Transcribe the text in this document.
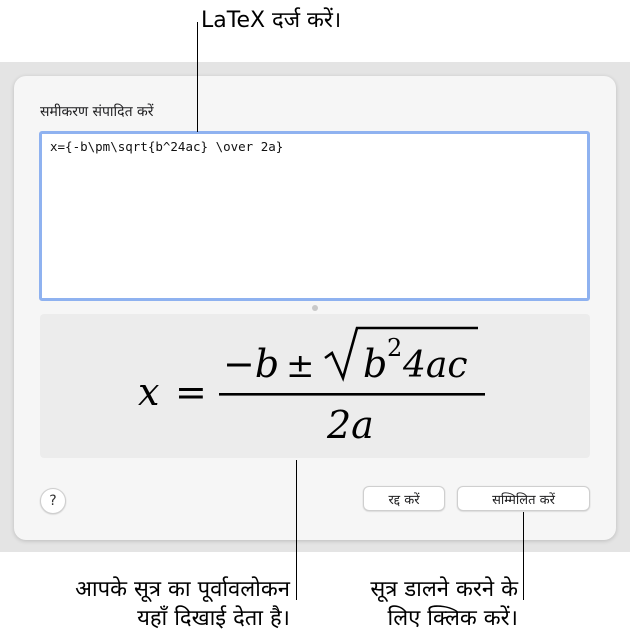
समीकरण संपादित करें
x={-b\pm\sqrt{b^24ac} \over 2a}
x =
−b ± b 2 4ac
2a
?	रद्द करें	सम्मिलित करें
LaTeX दर्ज करें।
आपके सूत्र का पूर्वावलोकन
यहाँ दिखाई देता है।
सूत्र डालने करने के
लिए क्लिक करें।
